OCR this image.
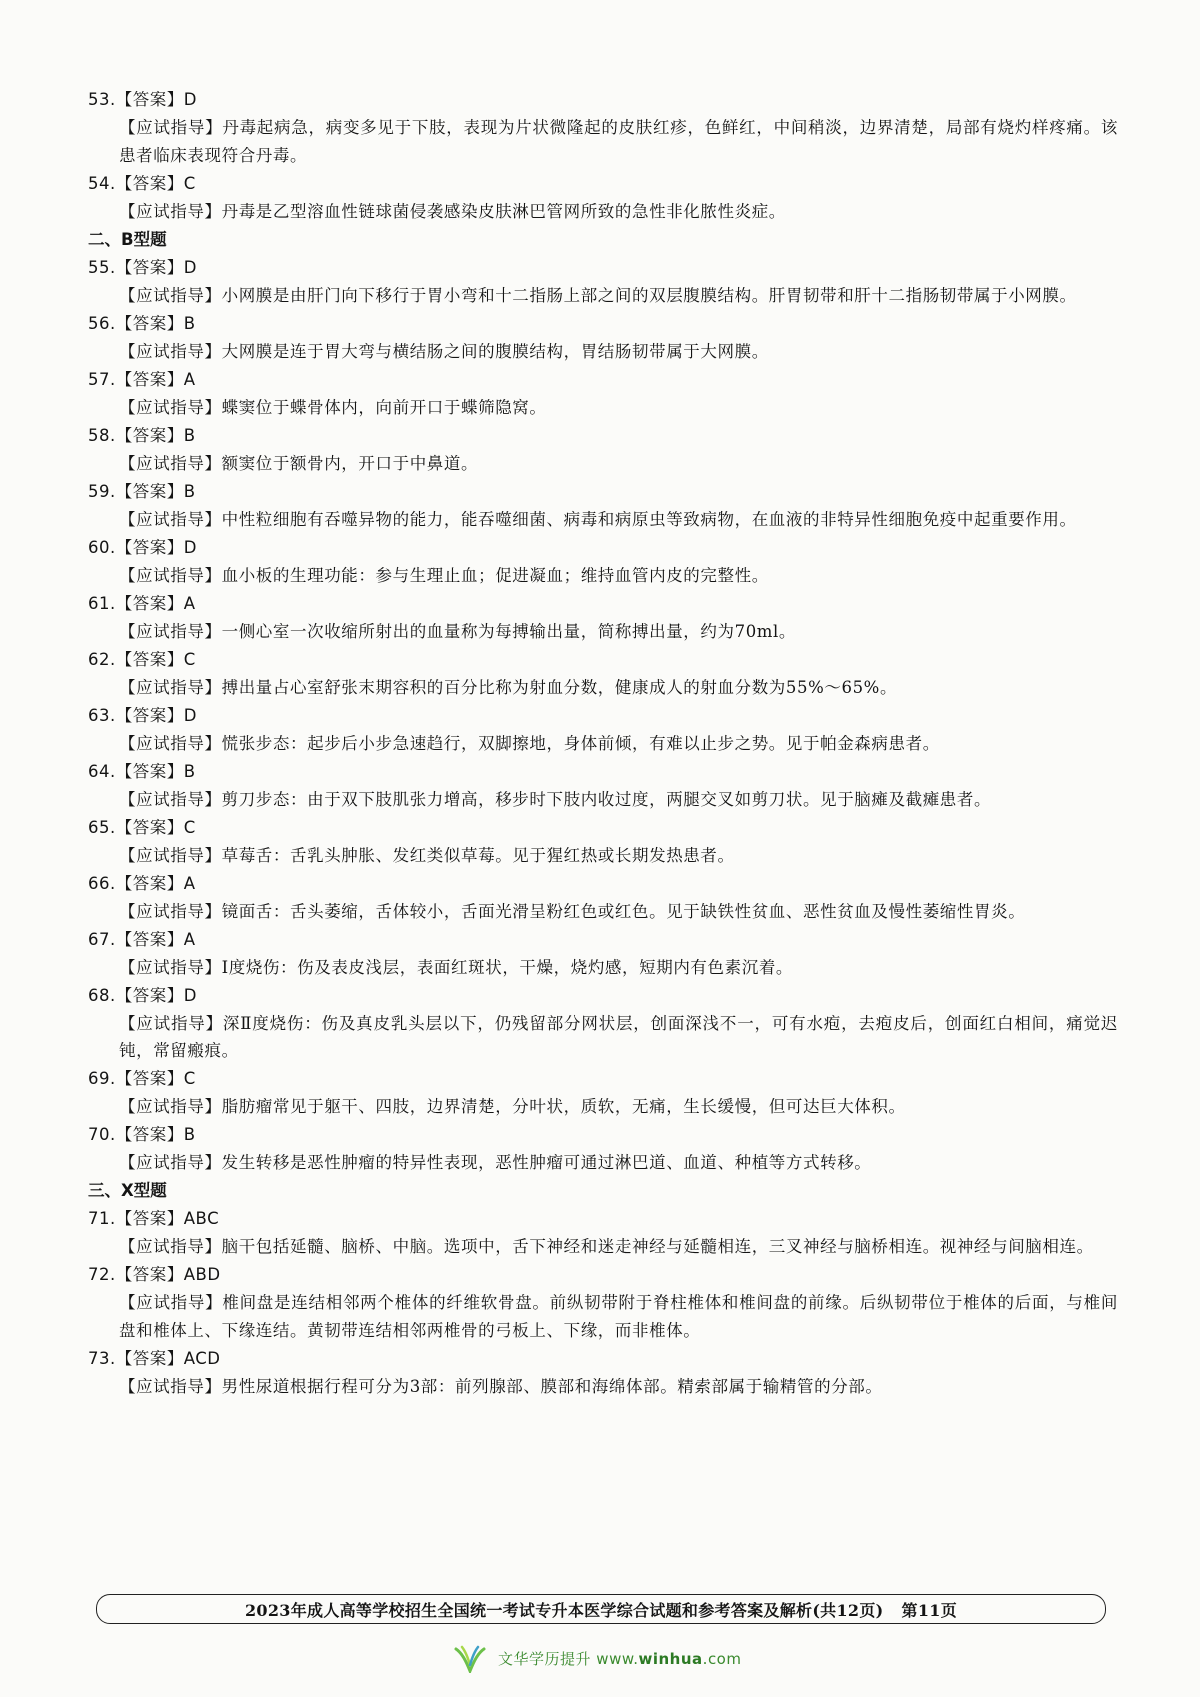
53.【答案】D
【应试指导】丹毒起病急，病变多见于下肢，表现为片状微隆起的皮肤红疹，色鲜红，中间稍淡，边界清楚，局部有烧灼样疼痛。该患者临床表现符合丹毒。
54.【答案】C
【应试指导】丹毒是乙型溶血性链球菌侵袭感染皮肤淋巴管网所致的急性非化脓性炎症。
二、B型题
55.【答案】D
【应试指导】小网膜是由肝门向下移行于胃小弯和十二指肠上部之间的双层腹膜结构。肝胃韧带和肝十二指肠韧带属于小网膜。
56.【答案】B
【应试指导】大网膜是连于胃大弯与横结肠之间的腹膜结构，胃结肠韧带属于大网膜。
57.【答案】A
【应试指导】蝶窦位于蝶骨体内，向前开口于蝶筛隐窝。
58.【答案】B
【应试指导】额窦位于额骨内，开口于中鼻道。
59.【答案】B
【应试指导】中性粒细胞有吞噬异物的能力，能吞噬细菌、病毒和病原虫等致病物，在血液的非特异性细胞免疫中起重要作用。
60.【答案】D
【应试指导】血小板的生理功能：参与生理止血；促进凝血；维持血管内皮的完整性。
61.【答案】A
【应试指导】一侧心室一次收缩所射出的血量称为每搏输出量，简称搏出量，约为70ml。
62.【答案】C
【应试指导】搏出量占心室舒张末期容积的百分比称为射血分数，健康成人的射血分数为55%～65%。
63.【答案】D
【应试指导】慌张步态：起步后小步急速趋行，双脚擦地，身体前倾，有难以止步之势。见于帕金森病患者。
64.【答案】B
【应试指导】剪刀步态：由于双下肢肌张力增高，移步时下肢内收过度，两腿交叉如剪刀状。见于脑瘫及截瘫患者。
65.【答案】C
【应试指导】草莓舌：舌乳头肿胀、发红类似草莓。见于猩红热或长期发热患者。
66.【答案】A
【应试指导】镜面舌：舌头萎缩，舌体较小，舌面光滑呈粉红色或红色。见于缺铁性贫血、恶性贫血及慢性萎缩性胃炎。
67.【答案】A
【应试指导】Ⅰ度烧伤：伤及表皮浅层，表面红斑状，干燥，烧灼感，短期内有色素沉着。
68.【答案】D
【应试指导】深Ⅱ度烧伤：伤及真皮乳头层以下，仍残留部分网状层，创面深浅不一，可有水疱，去疱皮后，创面红白相间，痛觉迟钝，常留瘢痕。
69.【答案】C
【应试指导】脂肪瘤常见于躯干、四肢，边界清楚，分叶状，质软，无痛，生长缓慢，但可达巨大体积。
70.【答案】B
【应试指导】发生转移是恶性肿瘤的特异性表现，恶性肿瘤可通过淋巴道、血道、种植等方式转移。
三、X型题
71.【答案】ABC
【应试指导】脑干包括延髓、脑桥、中脑。选项中，舌下神经和迷走神经与延髓相连，三叉神经与脑桥相连。视神经与间脑相连。
72.【答案】ABD
【应试指导】椎间盘是连结相邻两个椎体的纤维软骨盘。前纵韧带附于脊柱椎体和椎间盘的前缘。后纵韧带位于椎体的后面，与椎间盘和椎体上、下缘连结。黄韧带连结相邻两椎骨的弓板上、下缘，而非椎体。
73.【答案】ACD
【应试指导】男性尿道根据行程可分为3部：前列腺部、膜部和海绵体部。精索部属于输精管的分部。
2023年成人高等学校招生全国统一考试专升本医学综合试题和参考答案及解析(共12页) 第11页
文华学历提升 www.winhua.com
